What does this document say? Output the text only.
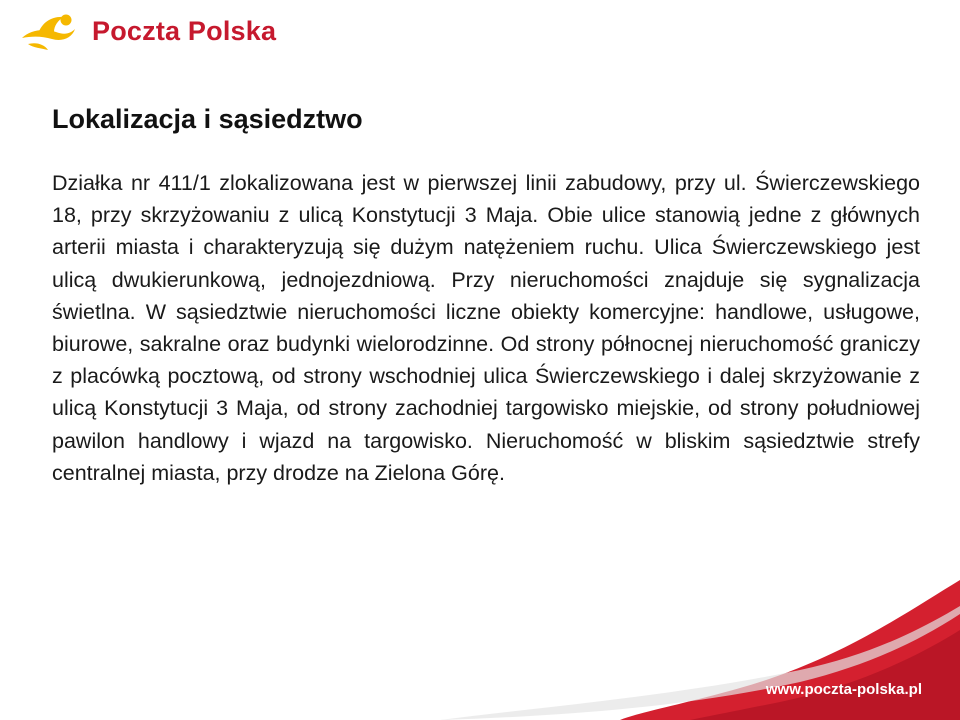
Poczta Polska
Lokalizacja i sąsiedztwo

Działka nr 411/1 zlokalizowana jest w pierwszej linii zabudowy, przy ul. Świerczewskiego 18, przy skrzyżowaniu z ulicą Konstytucji 3 Maja. Obie ulice stanowią jedne z głównych arterii miasta i charakteryzują się dużym natężeniem ruchu. Ulica Świerczewskiego jest ulicą dwukierunkową, jednojezdniową. Przy nieruchomości znajduje się sygnalizacja świetlna. W sąsiedztwie nieruchomości liczne obiekty komercyjne: handlowe, usługowe, biurowe, sakralne oraz budynki wielorodzinne. Od strony północnej nieruchomość graniczy z placówką pocztową, od strony wschodniej ulica Świerczewskiego i dalej skrzyżowanie z ulicą Konstytucji 3 Maja, od strony zachodniej targowisko miejskie, od strony południowej pawilon handlowy i wjazd na targowisko. Nieruchomość w bliskim sąsiedztwie strefy centralnej miasta, przy drodze na Zielona Górę.

www.poczta-polska.pl
